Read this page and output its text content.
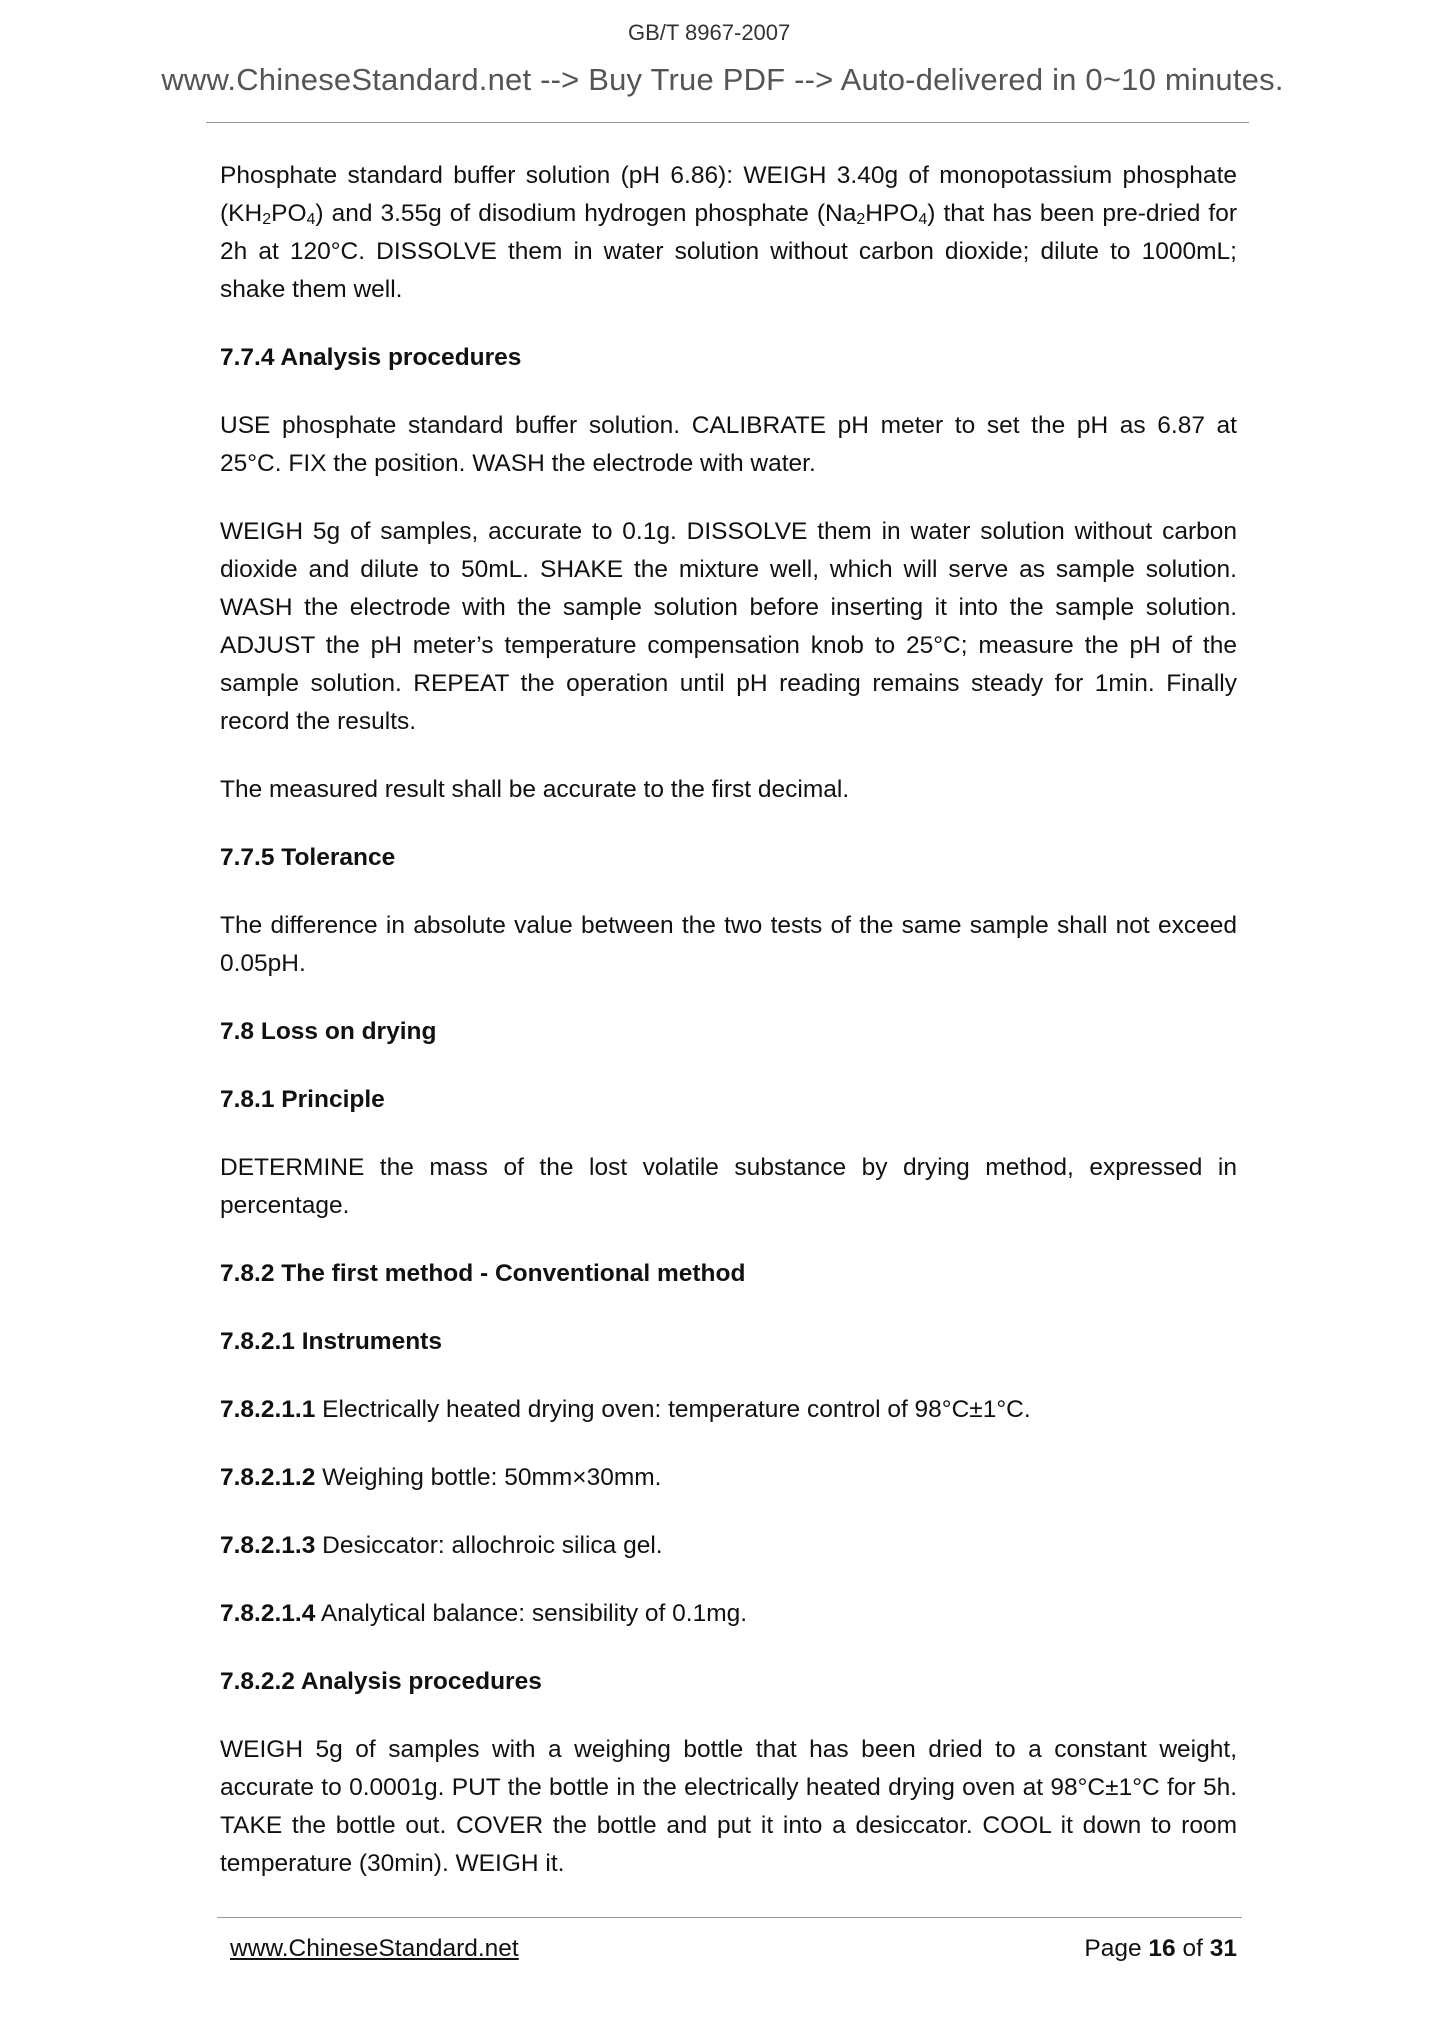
www.ChineseStandard.net --> Buy True PDF --> Auto-delivered in 0~10 minutes.

Phosphate standard buffer solution (pH 6.86): WEIGH 3.40g of monopotassium phosphate $(KH_2PO_4)$ and 3.55g of disodium hydrogen phosphate $(Na_2HPO_4)$ that has been pre-dried for 2h at 120°C. DISSOLVE them in water solution without carbon dioxide; dilute to 1000mL; shake them well.

7.7.4 Analysis procedures

USE phosphate standard buffer solution. CALIBRATE pH meter to set the pH as 6.87 at 25°C. FIX the position. WASH the electrode with water.

WEIGH 5g of samples, accurate to 0.1g. DISSOLVE them in water solution without carbon dioxide and dilute to 50mL. SHAKE the mixture well, which will serve as sample solution. WASH the electrode with the sample solution before inserting it into the sample solution. ADJUST the pH meter’s temperature compensation knob to 25°C; measure the pH of the sample solution. REPEAT the operation until pH reading remains steady for 1min. Finally record the results.

The measured result shall be accurate to the first decimal.

7.7.5 Tolerance

The difference in absolute value between the two tests of the same sample shall not exceed 0.05pH.

7.8 Loss on drying
7.8.1 Principle

DETERMINE the mass of the lost volatile substance by drying method, expressed in percentage.

7.8.2 The first method - Conventional method
7.8.2.1 Instruments
7.8.2.1.1 Electrically heated drying oven: temperature control of 98°C±1°C.
7.8.2.1.2 Weighing bottle: 50mm×30mm.
7.8.2.1.3 Desiccator: allochroic silica gel.
7.8.2.1.4 Analytical balance: sensibility of 0.1mg.
7.8.2.2 Analysis procedures

WEIGH 5g of samples with a weighing bottle that has been dried to a constant weight, accurate to 0.0001g. PUT the bottle in the electrically heated drying oven at 98°C±1°C for 5h. TAKE the bottle out. COVER the bottle and put it into a desiccator. COOL it down to room temperature (30min). WEIGH it.

GB/T 8967-2007
www.ChineseStandard.net	Page 16 of 31
